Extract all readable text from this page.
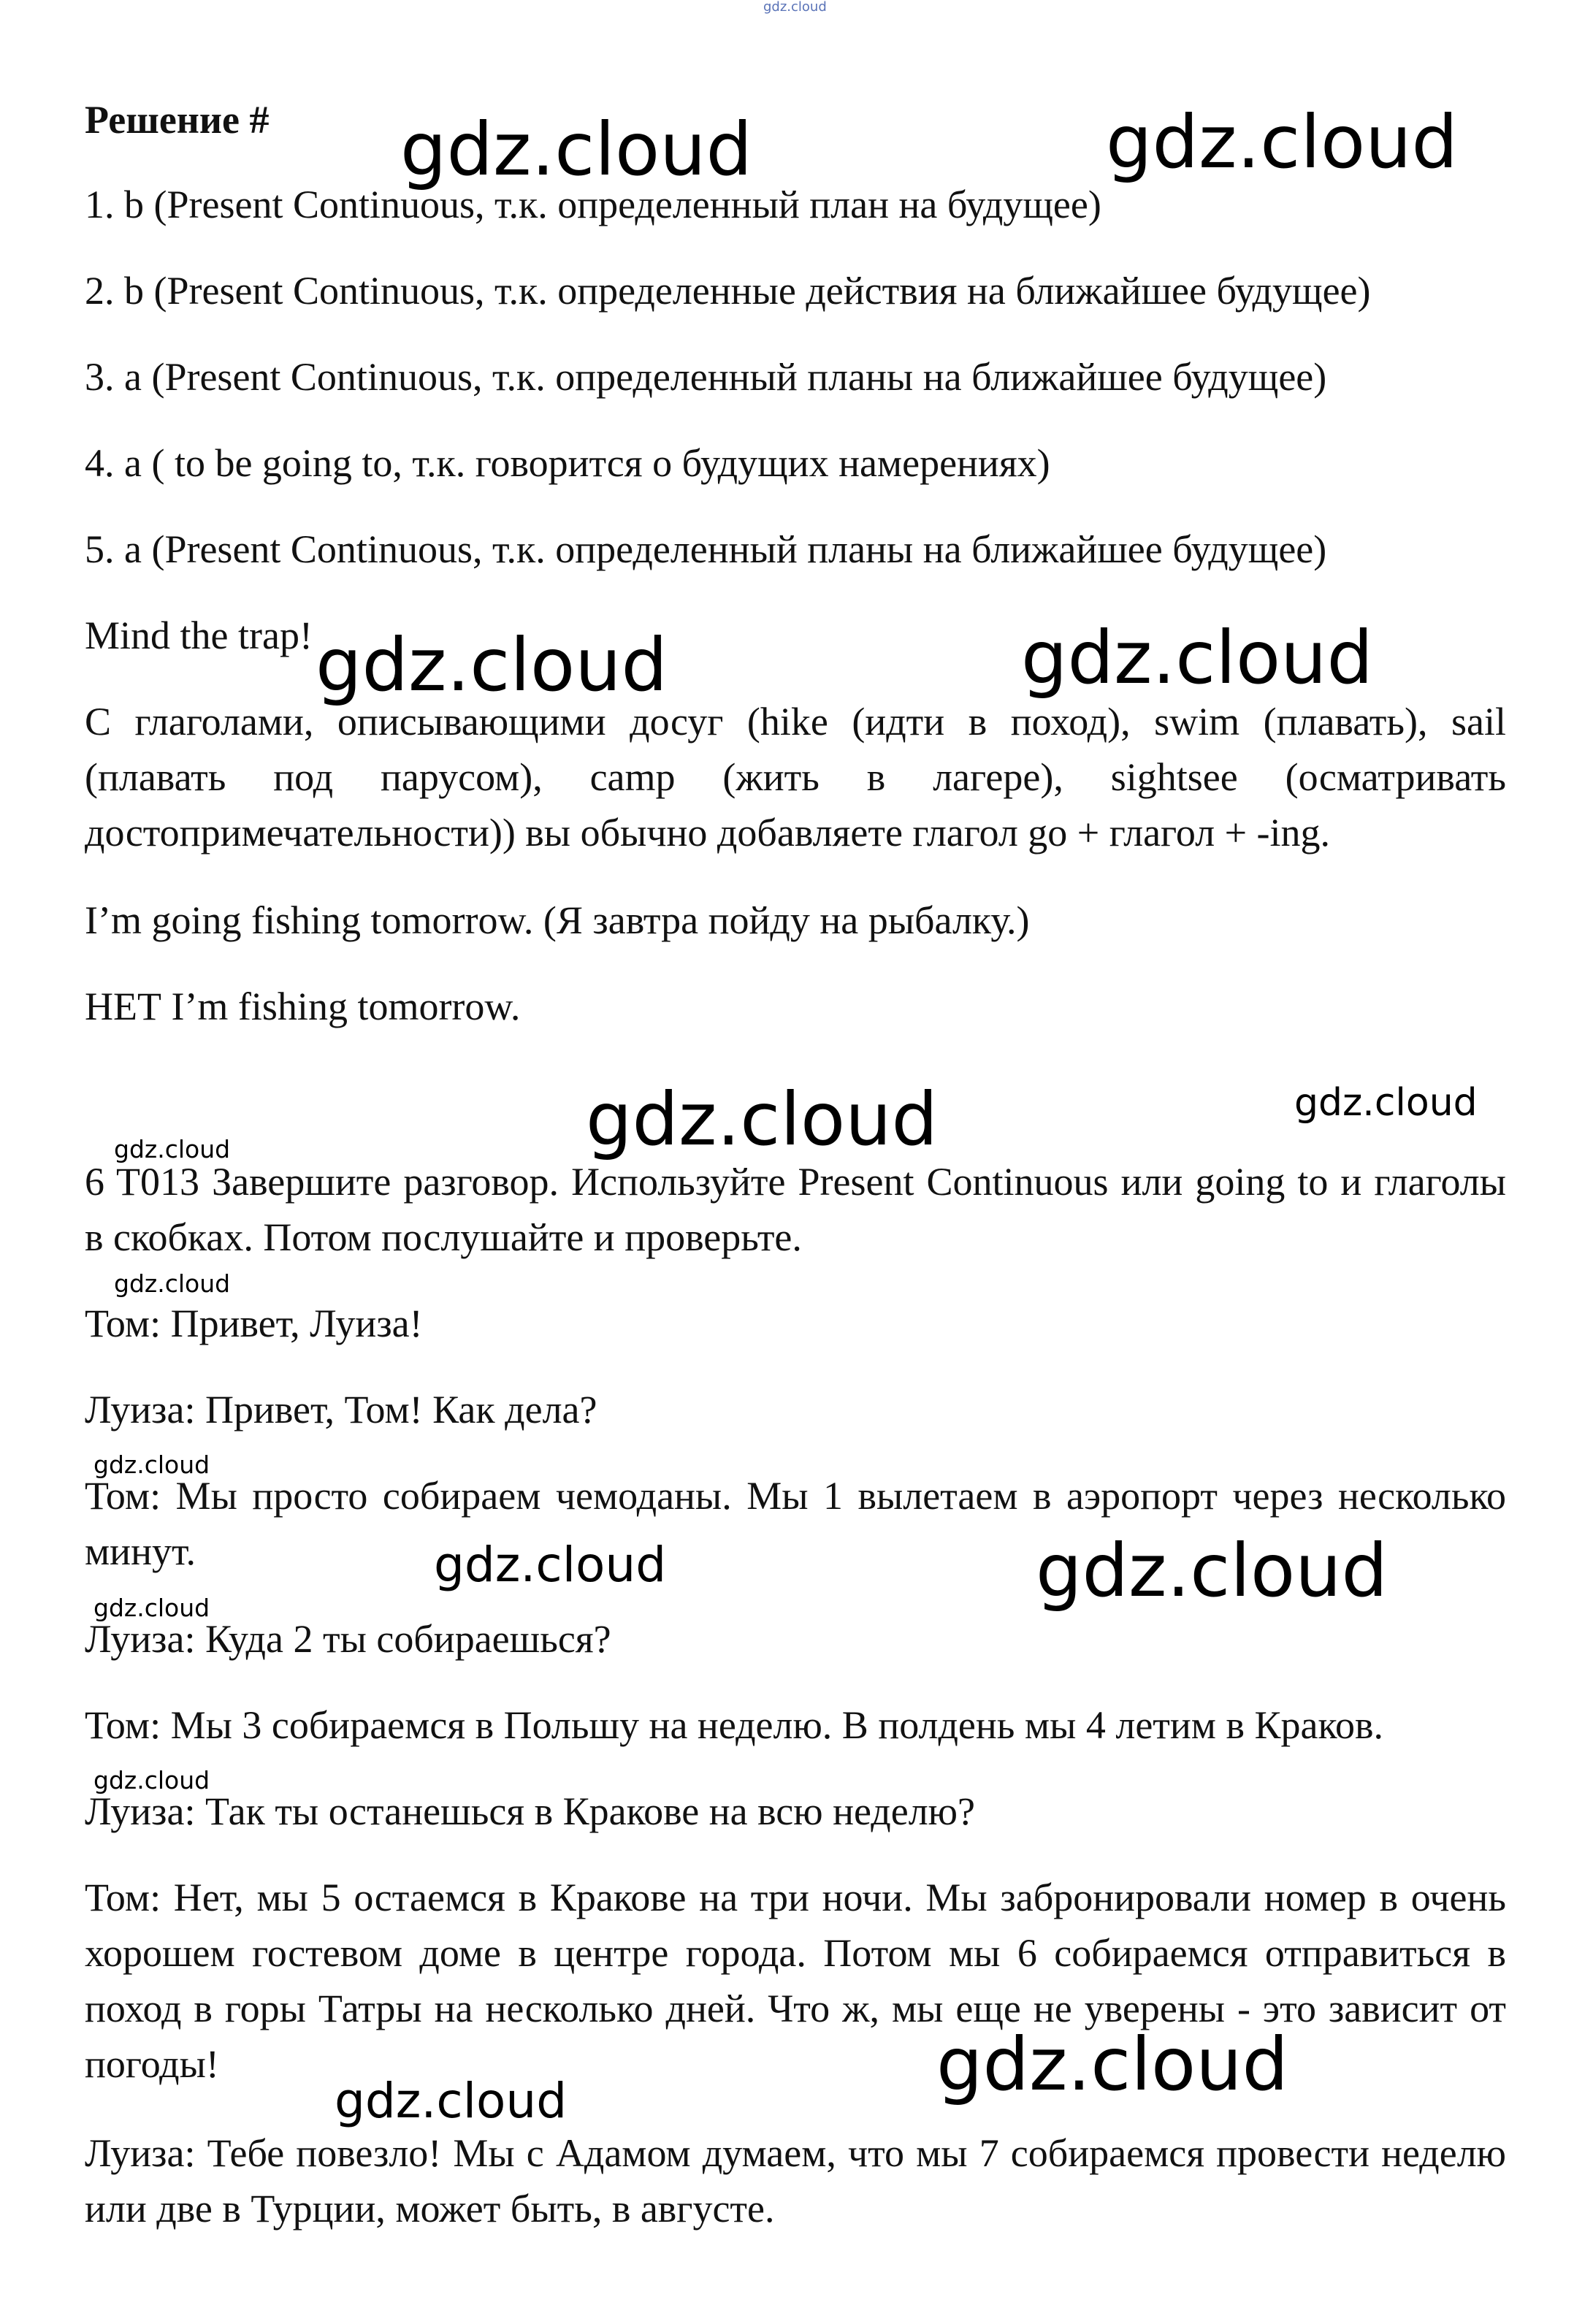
gdz.cloud
Решение #
1. b (Present Continuous, т.к. определенный план на будущее)
2. b (Present Continuous, т.к. определенные действия на ближайшее будущее)
3. a (Present Continuous, т.к. определенный планы на ближайшее будущее)
4. a ( to be going to, т.к. говорится о будущих намерениях)
5. a (Present Continuous, т.к. определенный планы на ближайшее будущее)
Mind the trap!
С глаголами, описывающими досуг (hike (идти в поход), swim (плавать), sail (плавать под парусом), camp (жить в лагере), sightsee (осматривать достопримечательности)) вы обычно добавляете глагол go + глагол + -ing.
I’m going fishing tomorrow. (Я завтра пойду на рыбалку.)
НЕТ I’m fishing tomorrow.
6 T013 Завершите разговор. Используйте Present Continuous или going to и глаголы в скобках. Потом послушайте и проверьте.
Том: Привет, Луиза!
Луиза: Привет, Том! Как дела?
Том: Мы просто собираем чемоданы. Мы 1 вылетаем в аэропорт через несколько минут.
Луиза: Куда 2 ты собираешься?
Том: Мы 3 собираемся в Польшу на неделю. В полдень мы 4 летим в Краков.
Луиза: Так ты останешься в Кракове на всю неделю?
Том: Нет, мы 5 остаемся в Кракове на три ночи. Мы забронировали номер в очень хорошем гостевом доме в центре города. Потом мы 6 собираемся отправиться в поход в горы Татры на несколько дней. Что ж, мы еще не уверены - это зависит от погоды!
Луиза: Тебе повезло! Мы с Адамом думаем, что мы 7 собираемся провести неделю или две в Турции, может быть, в августе.
gdz.cloud	gdz.cloud
gdz.cloud	gdz.cloud
gdz.cloud
gdz.cloud
gdz.cloud
gdz.cloud
gdz.cloud
gdz.cloud
gdz.cloud
gdz.cloud
gdz.cloud
gdz.cloud
gdz.cloud
